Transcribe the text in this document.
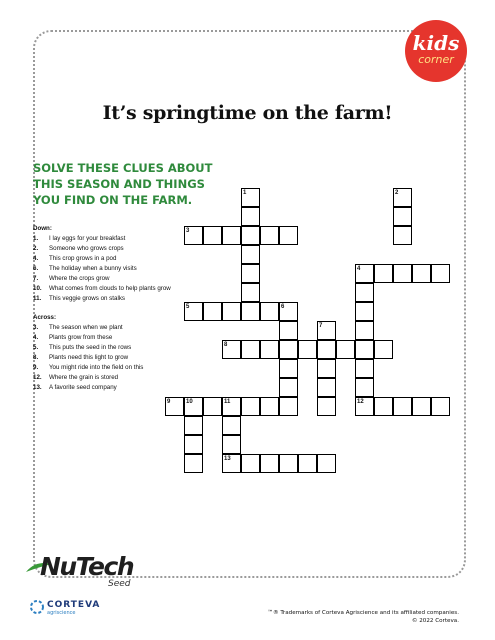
kids
corner
It’s springtime on the farm!
SOLVE THESE CLUES ABOUT
THIS SEASON AND THINGS
YOU FIND ON THE FARM.
Down:
1. I lay eggs for your breakfast
2. Someone who grows crops
4. This crop grows in a pod
6. The holiday when a bunny visits
7. Where the crops grow
10. What comes from clouds to help plants grow
11. This veggie grows on stalks
Across:
3. The season when we plant
4. Plants grow from these
5. This puts the seed in the rows
8. Plants need this light to grow
9. You might ride into the field on this
12. Where the grain is stored
13. A favorite seed company
1	2
3
4
5	6
7
8
9	10	11	12
13
NuTech
Seed
CORTEVA
agriscience	™® Trademarks of Corteva Agriscience and its affiliated companies.
© 2022 Corteva.
